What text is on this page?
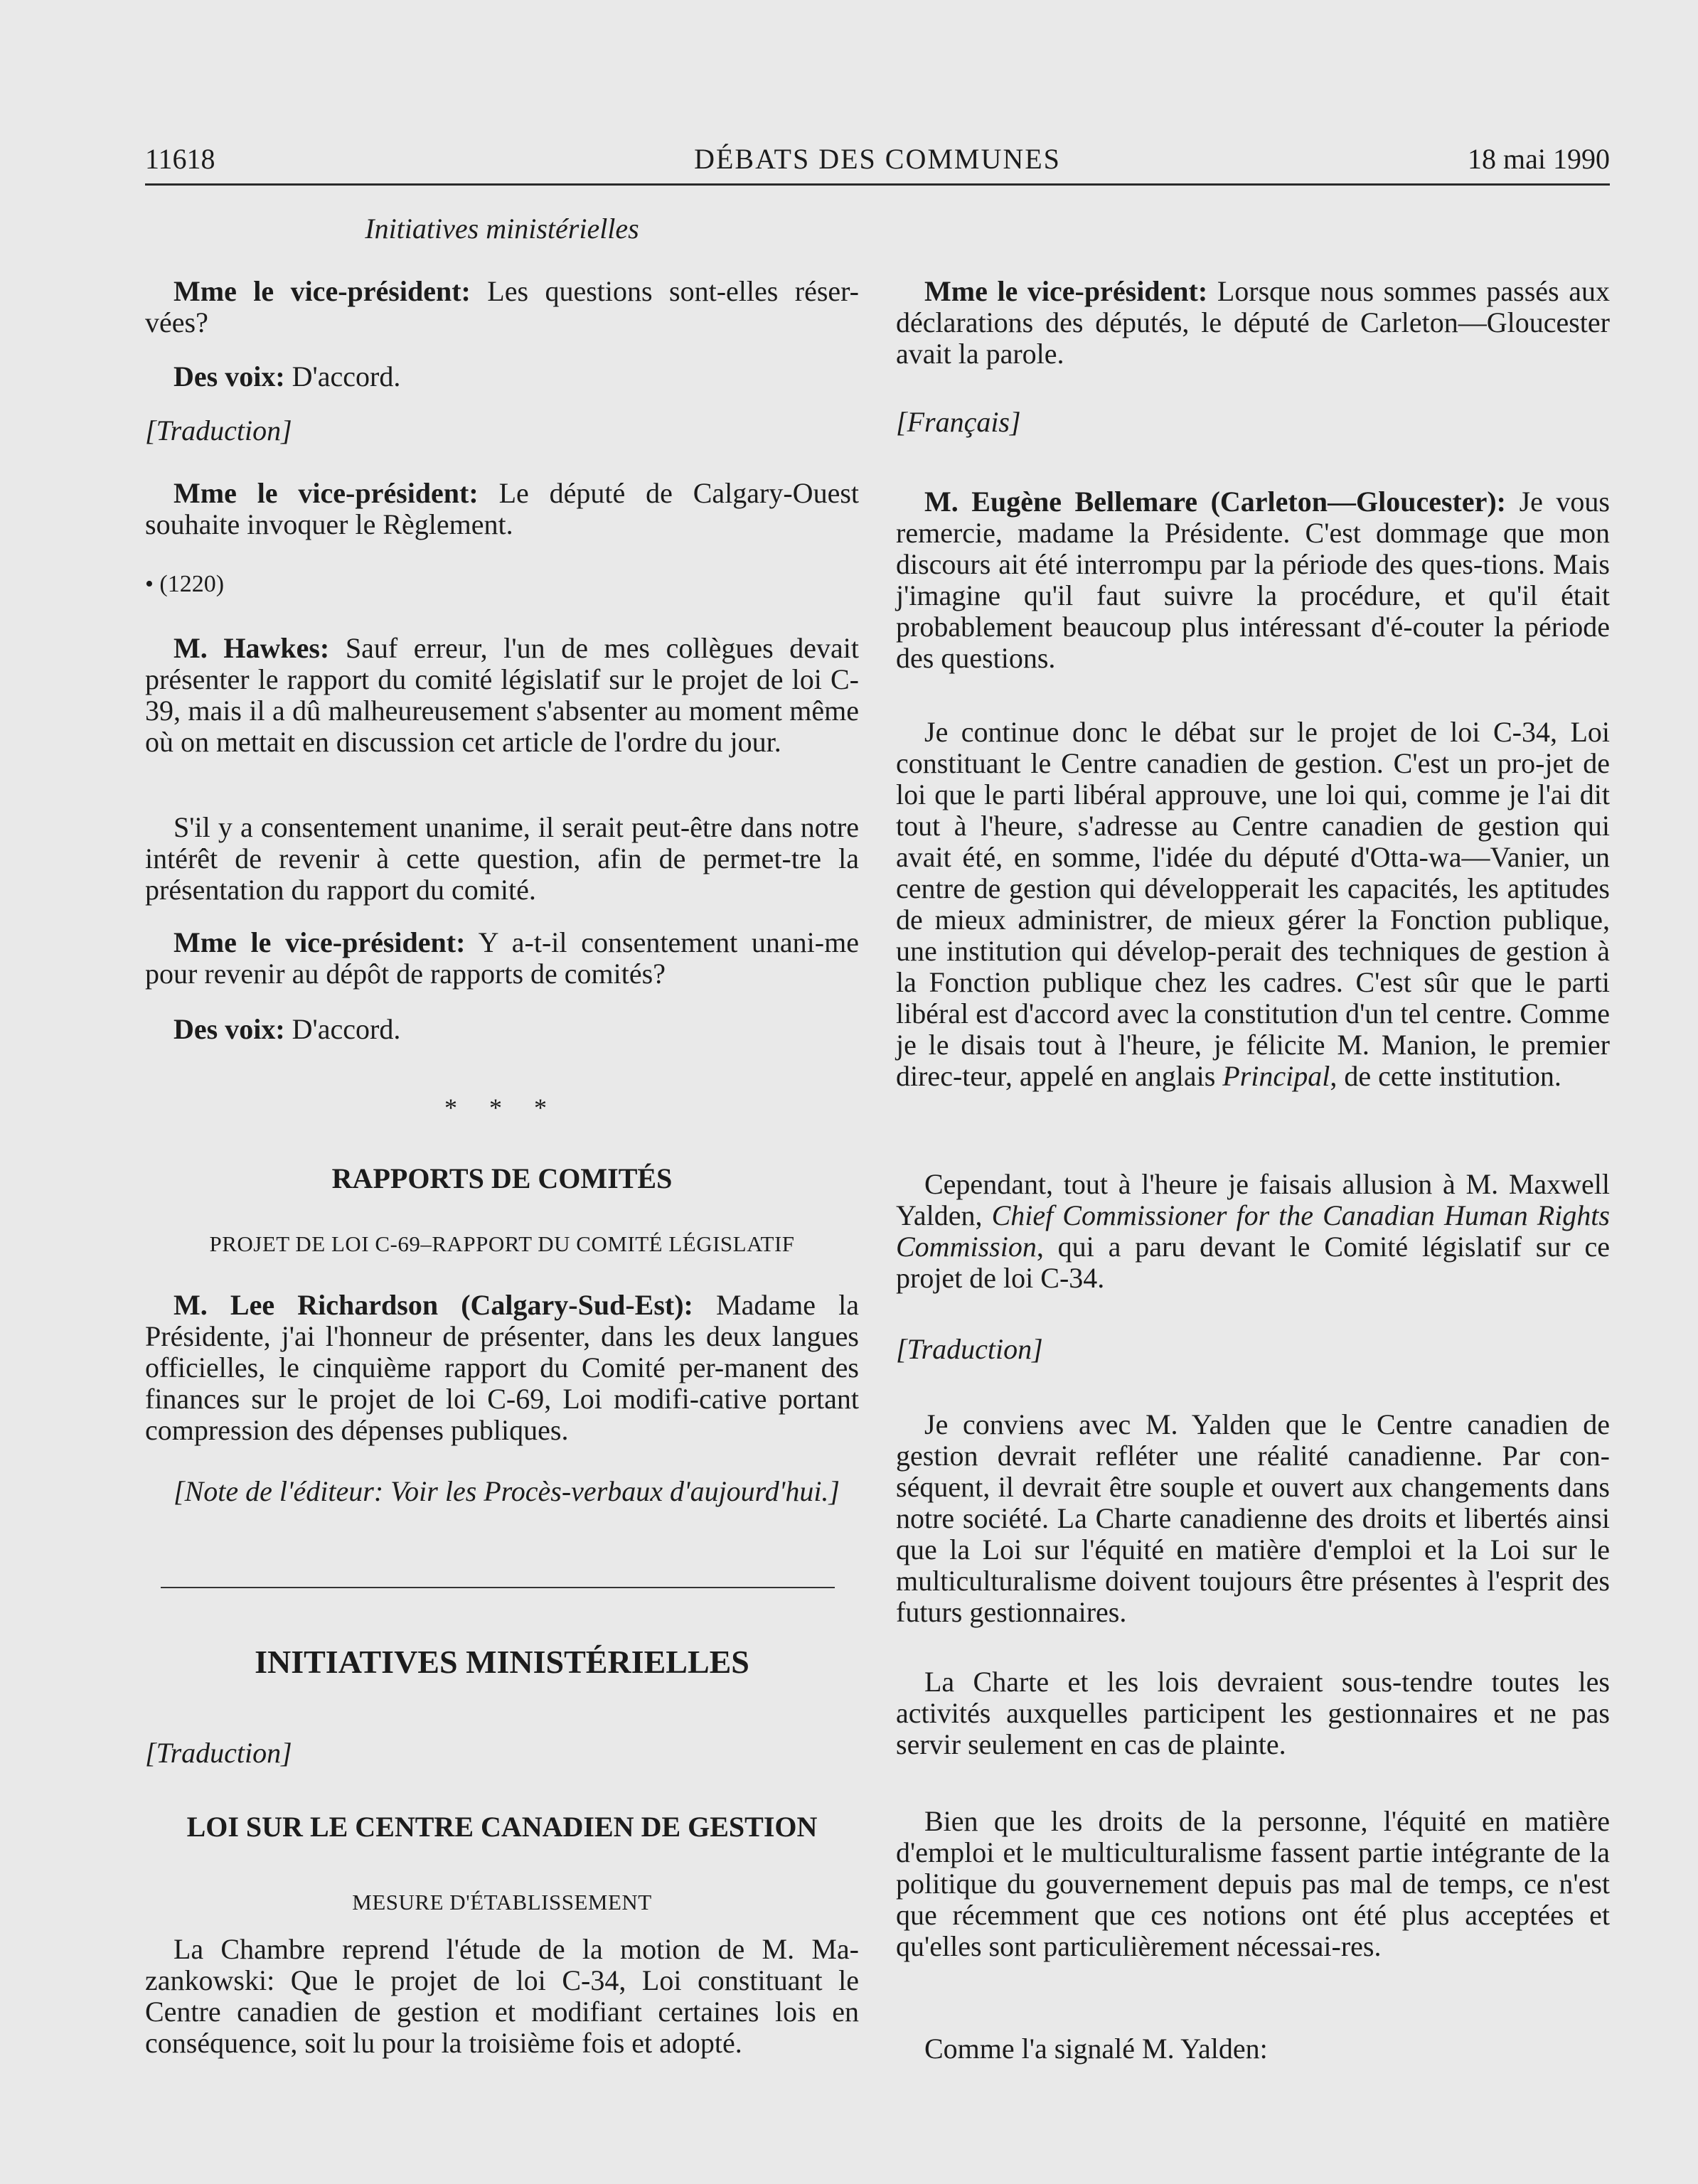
11618	DÉBATS DES COMMUNES	18 mai 1990
Initiatives ministérielles

Mme le vice-président: Les questions sont-elles réser-vées?

Des voix: D'accord.

[Traduction]

Mme le vice-président: Le député de Calgary-Ouest souhaite invoquer le Règlement.

• (1220)

M. Hawkes: Sauf erreur, l'un de mes collègues devait présenter le rapport du comité législatif sur le projet de loi C-39, mais il a dû malheureusement s'absenter au moment même où on mettait en discussion cet article de l'ordre du jour.

S'il y a consentement unanime, il serait peut-être dans notre intérêt de revenir à cette question, afin de permet-tre la présentation du rapport du comité.

Mme le vice-président: Y a-t-il consentement unani-me pour revenir au dépôt de rapports de comités?

Des voix: D'accord.

* * *
RAPPORTS DE COMITÉS
PROJET DE LOI C-69–RAPPORT DU COMITÉ LÉGISLATIF

M. Lee Richardson (Calgary-Sud-Est): Madame la Présidente, j'ai l'honneur de présenter, dans les deux langues officielles, le cinquième rapport du Comité per-manent des finances sur le projet de loi C-69, Loi modifi-cative portant compression des dépenses publiques.

[Note de l'éditeur: Voir les Procès-verbaux d'aujourd'hui.]

INITIATIVES MINISTÉRIELLES
[Traduction]
LOI SUR LE CENTRE CANADIEN DE GESTION
MESURE D'ÉTABLISSEMENT

La Chambre reprend l'étude de la motion de M. Ma-zankowski: Que le projet de loi C-34, Loi constituant le Centre canadien de gestion et modifiant certaines lois en conséquence, soit lu pour la troisième fois et adopté.

Mme le vice-président: Lorsque nous sommes passés aux déclarations des députés, le député de Carleton—Gloucester avait la parole.

[Français]

M. Eugène Bellemare (Carleton—Gloucester): Je vous remercie, madame la Présidente. C'est dommage que mon discours ait été interrompu par la période des ques-tions. Mais j'imagine qu'il faut suivre la procédure, et qu'il était probablement beaucoup plus intéressant d'é-couter la période des questions.

Je continue donc le débat sur le projet de loi C-34, Loi constituant le Centre canadien de gestion. C'est un pro-jet de loi que le parti libéral approuve, une loi qui, comme je l'ai dit tout à l'heure, s'adresse au Centre canadien de gestion qui avait été, en somme, l'idée du député d'Otta-wa—Vanier, un centre de gestion qui développerait les capacités, les aptitudes de mieux administrer, de mieux gérer la Fonction publique, une institution qui dévelop-perait des techniques de gestion à la Fonction publique chez les cadres. C'est sûr que le parti libéral est d'accord avec la constitution d'un tel centre. Comme je le disais tout à l'heure, je félicite M. Manion, le premier direc-teur, appelé en anglais Principal, de cette institution.

Cependant, tout à l'heure je faisais allusion à M. Maxwell Yalden, Chief Commissioner for the Canadian Human Rights Commission, qui a paru devant le Comité législatif sur ce projet de loi C-34.

[Traduction]

Je conviens avec M. Yalden que le Centre canadien de gestion devrait refléter une réalité canadienne. Par con-séquent, il devrait être souple et ouvert aux changements dans notre société. La Charte canadienne des droits et libertés ainsi que la Loi sur l'équité en matière d'emploi et la Loi sur le multiculturalisme doivent toujours être présentes à l'esprit des futurs gestionnaires.

La Charte et les lois devraient sous-tendre toutes les activités auxquelles participent les gestionnaires et ne pas servir seulement en cas de plainte.

Bien que les droits de la personne, l'équité en matière d'emploi et le multiculturalisme fassent partie intégrante de la politique du gouvernement depuis pas mal de temps, ce n'est que récemment que ces notions ont été plus acceptées et qu'elles sont particulièrement nécessai-res.

Comme l'a signalé M. Yalden:
